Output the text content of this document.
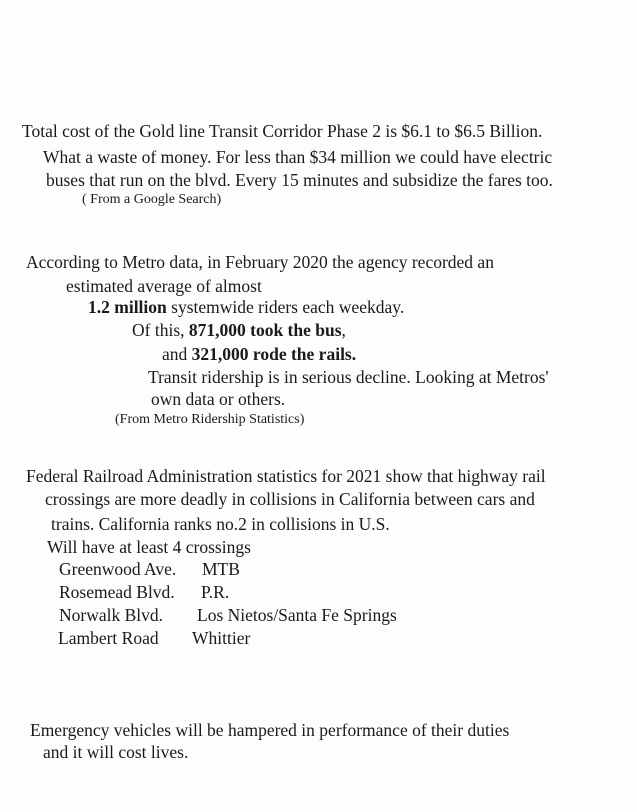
Total cost of the Gold line Transit Corridor Phase 2 is $6.1 to $6.5 Billion.
What a waste of money. For less than $34 million we could have electric
buses that run on the blvd. Every 15 minutes and subsidize the fares too.
( From a Google Search)
According to Metro data, in February 2020 the agency recorded an
estimated average of almost
1.2 million systemwide riders each weekday.
Of this, 871,000 took the bus,
and 321,000 rode the rails.
Transit ridership is in serious decline. Looking at Metros'
own data or others.
(From Metro Ridership Statistics)
Federal Railroad Administration statistics for 2021 show that highway rail
crossings are more deadly in collisions in California between cars and
trains. California ranks no.2 in collisions in U.S.
Will have at least 4 crossings
Greenwood Ave. MTB
Rosemead Blvd. P.R.
Norwalk Blvd. Los Nietos/Santa Fe Springs
Lambert Road Whittier
Emergency vehicles will be hampered in performance of their duties
and it will cost lives.
